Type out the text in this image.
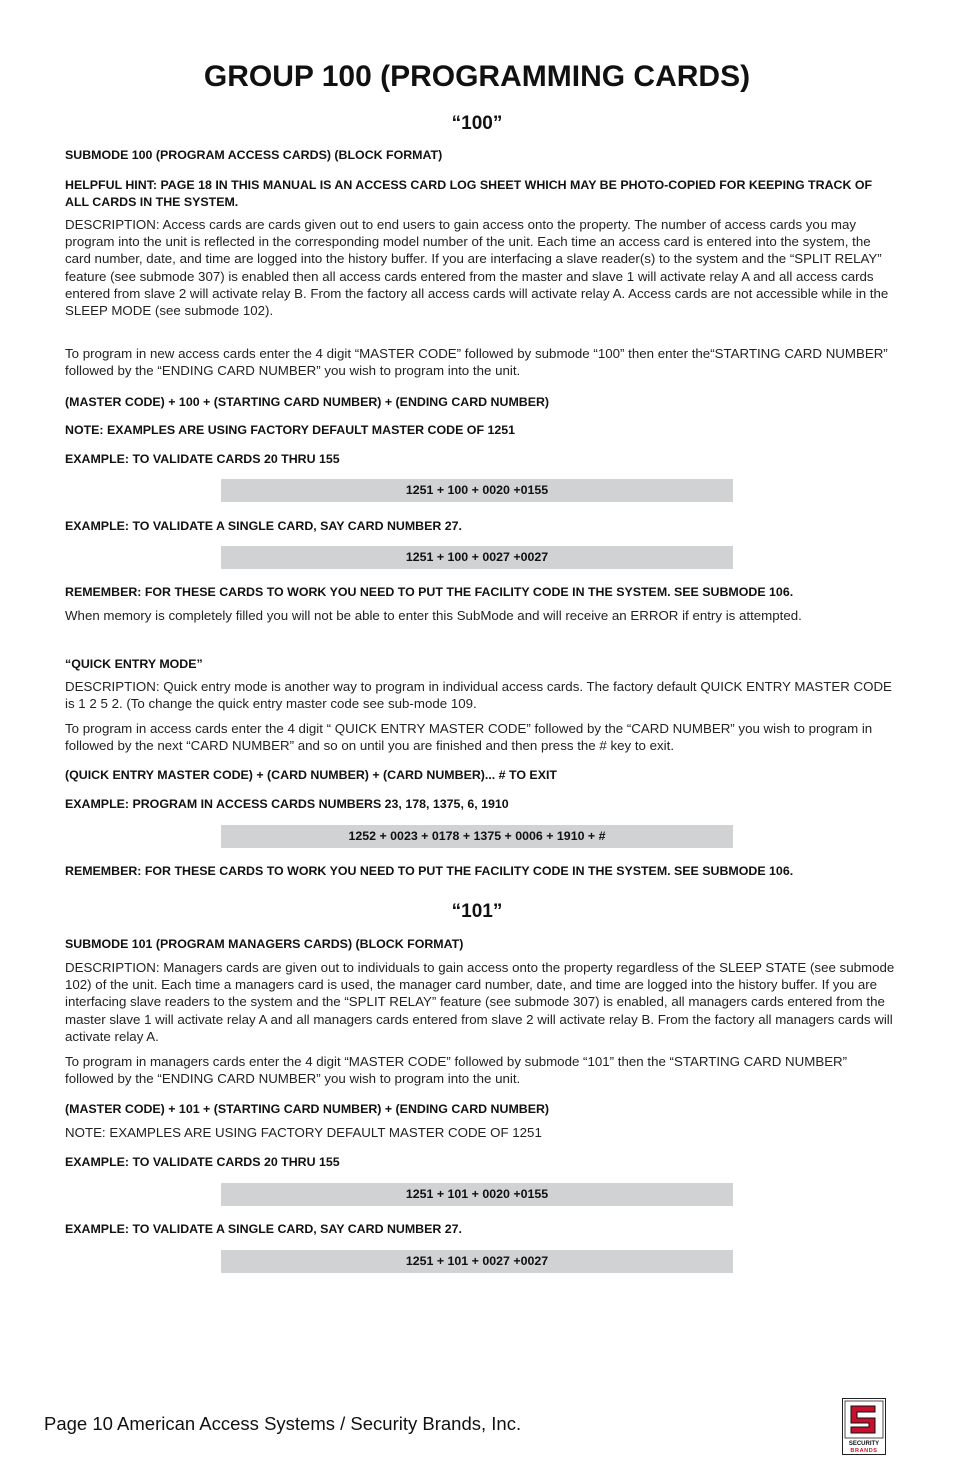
GROUP 100 (PROGRAMMING CARDS)
“100”

SUBMODE 100 (PROGRAM ACCESS CARDS) (BLOCK FORMAT)

HELPFUL HINT: PAGE 18 IN THIS MANUAL IS AN ACCESS CARD LOG SHEET WHICH MAY BE PHOTO-COPIED FOR KEEPING TRACK OF ALL CARDS IN THE SYSTEM.

DESCRIPTION: Access cards are cards given out to end users to gain access onto the property. The number of access cards you may program into the unit is reflected in the corresponding model number of the unit. Each time an access card is entered into the system, the card number, date, and time are logged into the history buffer. If you are interfacing a slave reader(s) to the system and the “SPLIT RELAY” feature (see submode 307) is enabled then all access cards entered from the master and slave 1 will activate relay A and all access cards entered from slave 2 will activate relay B. From the factory all access cards will activate relay A. Access cards are not accessible while in the SLEEP MODE (see submode 102).

To program in new access cards enter the 4 digit “MASTER CODE” followed by submode “100” then enter the“STARTING CARD NUMBER” followed by the “ENDING CARD NUMBER” you wish to program into the unit.

(MASTER CODE) + 100 + (STARTING CARD NUMBER) + (ENDING CARD NUMBER)

NOTE: EXAMPLES ARE USING FACTORY DEFAULT MASTER CODE OF 1251

EXAMPLE: TO VALIDATE CARDS 20 THRU 155

1251 + 100 + 0020 +0155

EXAMPLE: TO VALIDATE A SINGLE CARD, SAY CARD NUMBER 27.

1251 + 100 + 0027 +0027

REMEMBER: FOR THESE CARDS TO WORK YOU NEED TO PUT THE FACILITY CODE IN THE SYSTEM. SEE SUBMODE 106.

When memory is completely filled you will not be able to enter this SubMode and will receive an ERROR if entry is attempted.

“QUICK ENTRY MODE”

DESCRIPTION: Quick entry mode is another way to program in individual access cards. The factory default QUICK ENTRY MASTER CODE is 1 2 5 2. (To change the quick entry master code see sub-mode 109.

To program in access cards enter the 4 digit “ QUICK ENTRY MASTER CODE” followed by the “CARD NUMBER” you wish to program in followed by the next “CARD NUMBER” and so on until you are finished and then press the # key to exit.

(QUICK ENTRY MASTER CODE) + (CARD NUMBER) + (CARD NUMBER)... # TO EXIT

EXAMPLE: PROGRAM IN ACCESS CARDS NUMBERS 23, 178, 1375, 6, 1910

1252 + 0023 + 0178 + 1375 + 0006 + 1910 + #

REMEMBER: FOR THESE CARDS TO WORK YOU NEED TO PUT THE FACILITY CODE IN THE SYSTEM. SEE SUBMODE 106.

“101”

SUBMODE 101 (PROGRAM MANAGERS CARDS) (BLOCK FORMAT)

DESCRIPTION: Managers cards are given out to individuals to gain access onto the property regardless of the SLEEP STATE (see submode 102) of the unit. Each time a managers card is used, the manager card number, date, and time are logged into the history buffer. If you are interfacing slave readers to the system and the “SPLIT RELAY” feature (see submode 307) is enabled, all managers cards entered from the master slave 1 will activate relay A and all managers cards entered from slave 2 will activate relay B. From the factory all managers cards will activate relay A.

To program in managers cards enter the 4 digit “MASTER CODE” followed by submode “101” then the “STARTING CARD NUMBER” followed by the “ENDING CARD NUMBER” you wish to program into the unit.

(MASTER CODE) + 101 + (STARTING CARD NUMBER) + (ENDING CARD NUMBER)

NOTE: EXAMPLES ARE USING FACTORY DEFAULT MASTER CODE OF 1251

EXAMPLE: TO VALIDATE CARDS 20 THRU 155

1251 + 101 + 0020 +0155

EXAMPLE: TO VALIDATE A SINGLE CARD, SAY CARD NUMBER 27.

1251 + 101 + 0027 +0027

Page 10 American Access Systems / Security Brands, Inc.

SECURITY
BRANDS
